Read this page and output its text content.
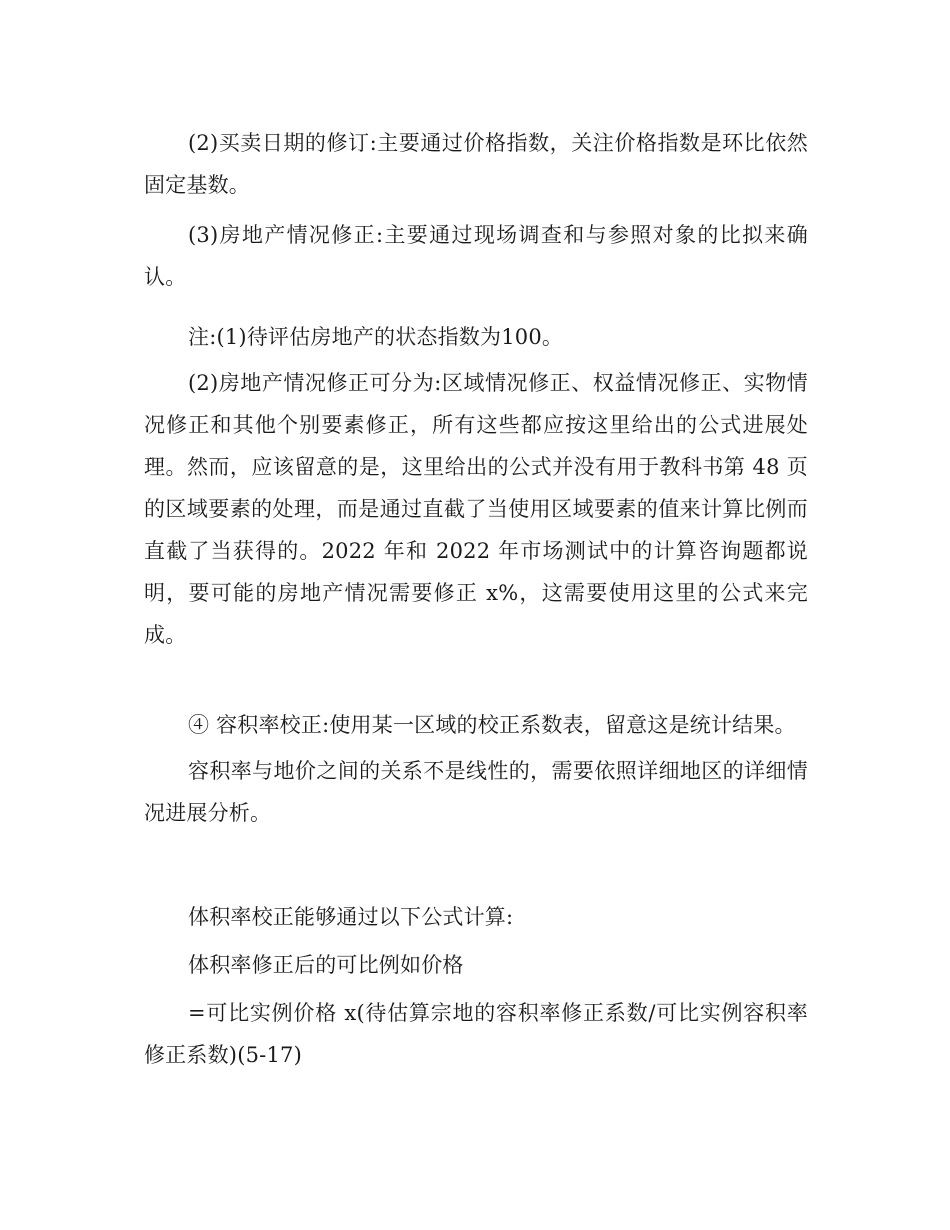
(2)买卖日期的修订:主要通过价格指数，关注价格指数是环比依然固定基数。

(3)房地产情况修正:主要通过现场调查和与参照对象的比拟来确认。

注:(1)待评估房地产的状态指数为100。

(2)房地产情况修正可分为:区域情况修正、权益情况修正、实物情况修正和其他个别要素修正，所有这些都应按这里给出的公式进展处理。然而，应该留意的是，这里给出的公式并没有用于教科书第 48 页的区域要素的处理，而是通过直截了当使用区域要素的值来计算比例而直截了当获得的。2022 年和 2022 年市场测试中的计算咨询题都说明，要可能的房地产情况需要修正 x%，这需要使用这里的公式来完成。

④ 容积率校正:使用某一区域的校正系数表，留意这是统计结果。

容积率与地价之间的关系不是线性的，需要依照详细地区的详细情况进展分析。

体积率校正能够通过以下公式计算:

体积率修正后的可比例如价格

=可比实例价格 x(待估算宗地的容积率修正系数/可比实例容积率修正系数)(5-17)
